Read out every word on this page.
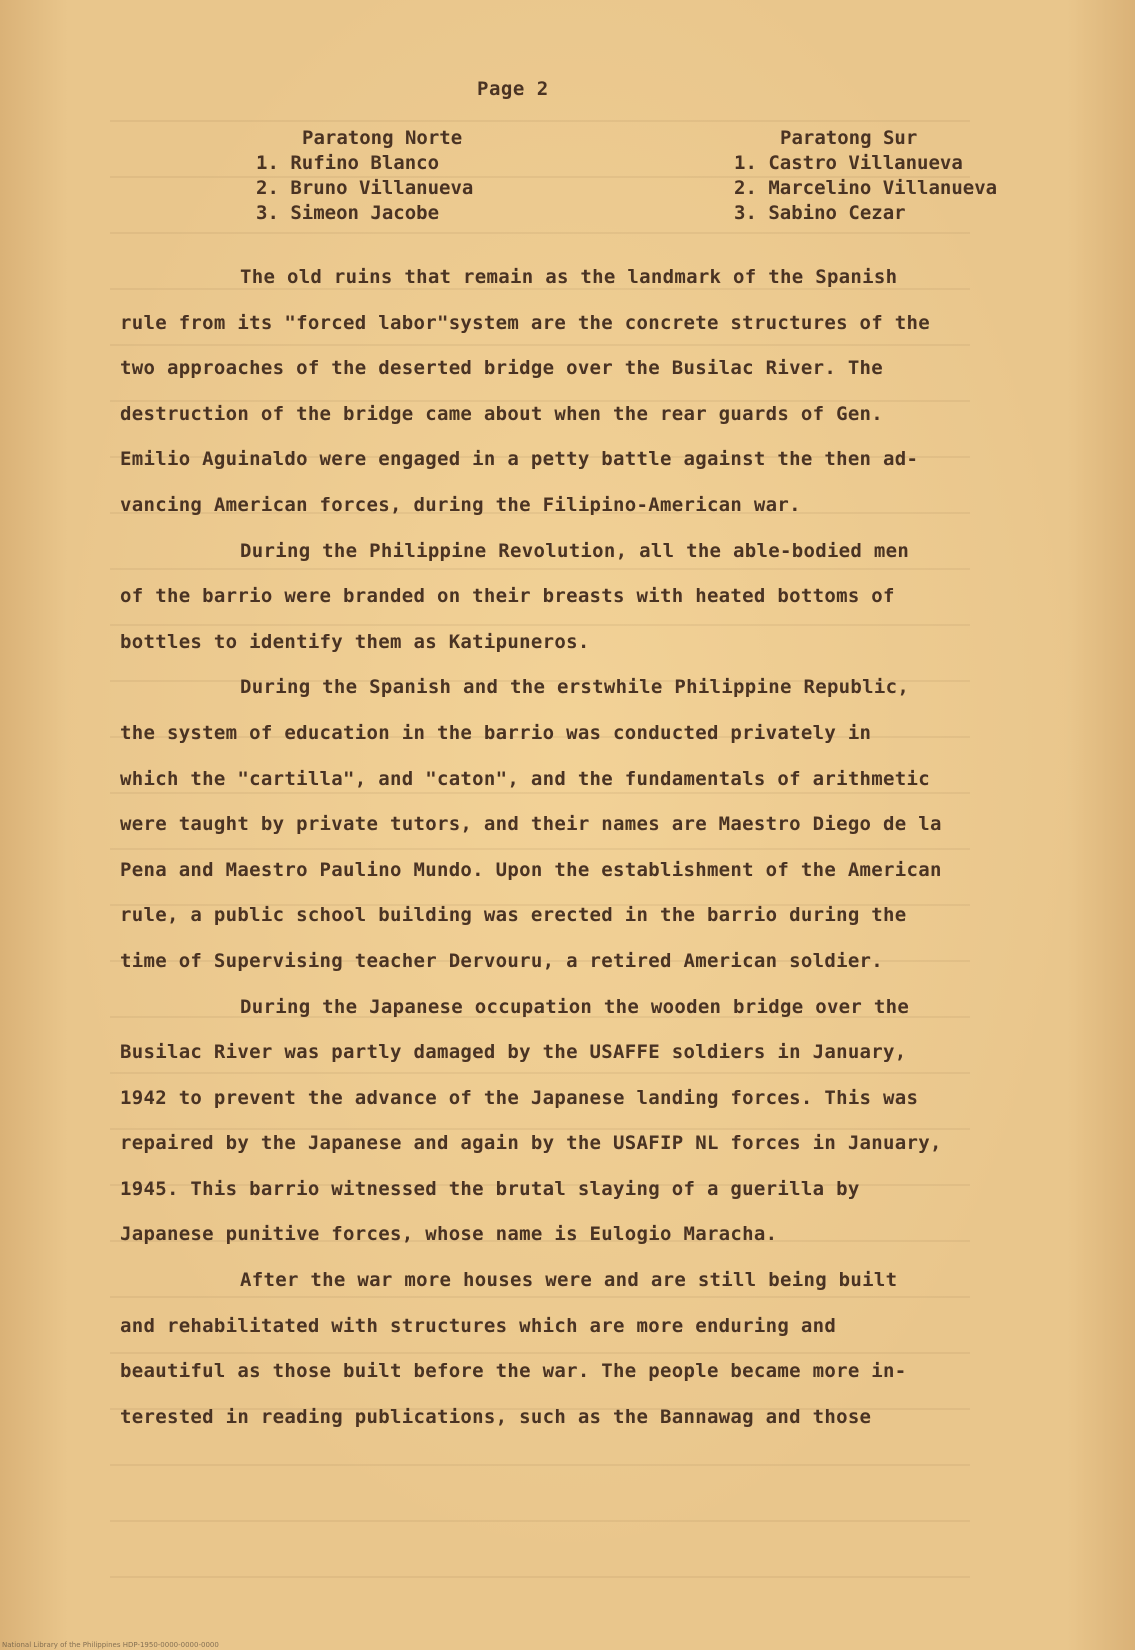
Page 2
Paratong Norte
1. Rufino Blanco
2. Bruno Villanueva
3. Simeon Jacobe
Paratong Sur
1. Castro Villanueva
2. Marcelino Villanueva
3. Sabino Cezar

The old ruins that remain as the landmark of the Spanish
rule from its "forced labor"system are the concrete structures of the
two approaches of the deserted bridge over the Busilac River. The
destruction of the bridge came about when the rear guards of Gen.
Emilio Aguinaldo were engaged in a petty battle against the then ad-
vancing American forces, during the Filipino-American war.

During the Philippine Revolution, all the able-bodied men
of the barrio were branded on their breasts with heated bottoms of
bottles to identify them as Katipuneros.

During the Spanish and the erstwhile Philippine Republic,
the system of education in the barrio was conducted privately in
which the "cartilla", and "caton", and the fundamentals of arithmetic
were taught by private tutors, and their names are Maestro Diego de la
Pena and Maestro Paulino Mundo. Upon the establishment of the American
rule, a public school building was erected in the barrio during the
time of Supervising teacher Dervouru, a retired American soldier.

During the Japanese occupation the wooden bridge over the
Busilac River was partly damaged by the USAFFE soldiers in January,
1942 to prevent the advance of the Japanese landing forces. This was
repaired by the Japanese and again by the USAFIP NL forces in January,
1945. This barrio witnessed the brutal slaying of a guerilla by
Japanese punitive forces, whose name is Eulogio Maracha.

After the war more houses were and are still being built
and rehabilitated with structures which are more enduring and
beautiful as those built before the war. The people became more in-
terested in reading publications, such as the Bannawag and those

National Library of the Philippines HDP-1950-0000-0000-0000
